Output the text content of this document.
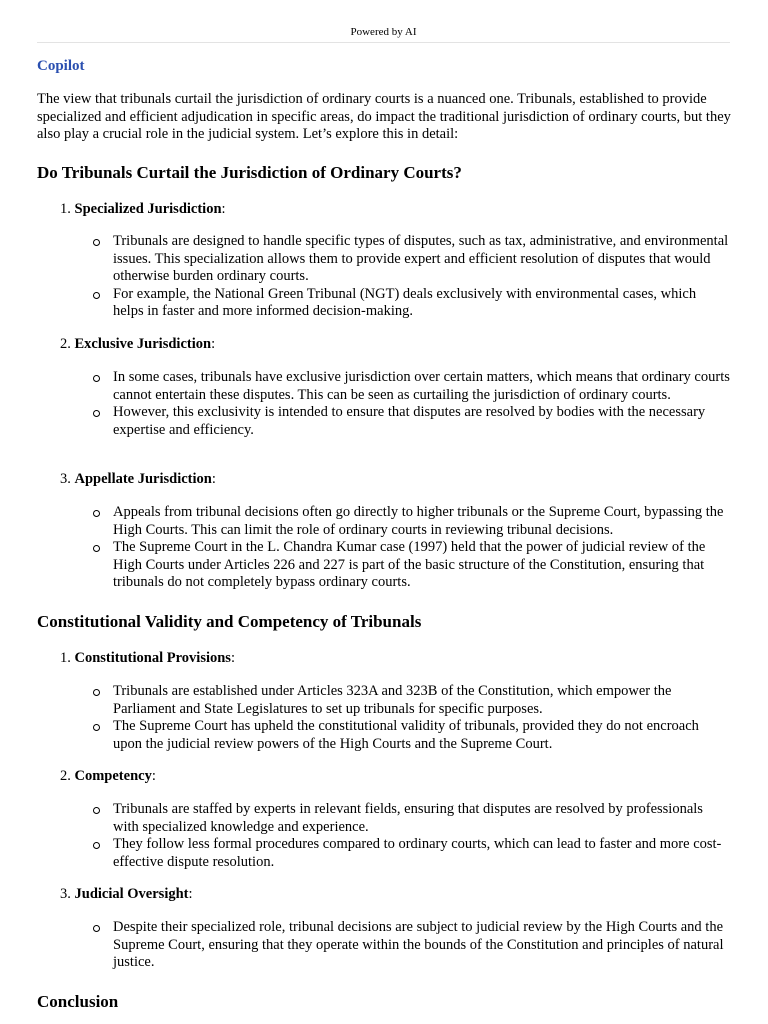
Powered by AI
Copilot

The view that tribunals curtail the jurisdiction of ordinary courts is a nuanced one. Tribunals, established to provide specialized and efficient adjudication in specific areas, do impact the traditional jurisdiction of ordinary courts, but they also play a crucial role in the judicial system. Let’s explore this in detail:

Do Tribunals Curtail the Jurisdiction of Ordinary Courts?
1. Specialized Jurisdiction:
Tribunals are designed to handle specific types of disputes, such as tax, administrative, and environmental issues. This specialization allows them to provide expert and efficient resolution of disputes that would otherwise burden ordinary courts.
For example, the National Green Tribunal (NGT) deals exclusively with environmental cases, which helps in faster and more informed decision-making.
2. Exclusive Jurisdiction:
In some cases, tribunals have exclusive jurisdiction over certain matters, which means that ordinary courts cannot entertain these disputes. This can be seen as curtailing the jurisdiction of ordinary courts.
However, this exclusivity is intended to ensure that disputes are resolved by bodies with the necessary expertise and efficiency.
3. Appellate Jurisdiction:
Appeals from tribunal decisions often go directly to higher tribunals or the Supreme Court, bypassing the High Courts. This can limit the role of ordinary courts in reviewing tribunal decisions.
The Supreme Court in the L. Chandra Kumar case (1997) held that the power of judicial review of the High Courts under Articles 226 and 227 is part of the basic structure of the Constitution, ensuring that tribunals do not completely bypass ordinary courts.
Constitutional Validity and Competency of Tribunals
1. Constitutional Provisions:
Tribunals are established under Articles 323A and 323B of the Constitution, which empower the Parliament and State Legislatures to set up tribunals for specific purposes.
The Supreme Court has upheld the constitutional validity of tribunals, provided they do not encroach upon the judicial review powers of the High Courts and the Supreme Court.
2. Competency:
Tribunals are staffed by experts in relevant fields, ensuring that disputes are resolved by professionals with specialized knowledge and experience.
They follow less formal procedures compared to ordinary courts, which can lead to faster and more cost-effective dispute resolution.
3. Judicial Oversight:
Despite their specialized role, tribunal decisions are subject to judicial review by the High Courts and the Supreme Court, ensuring that they operate within the bounds of the Constitution and principles of natural justice.
Conclusion
